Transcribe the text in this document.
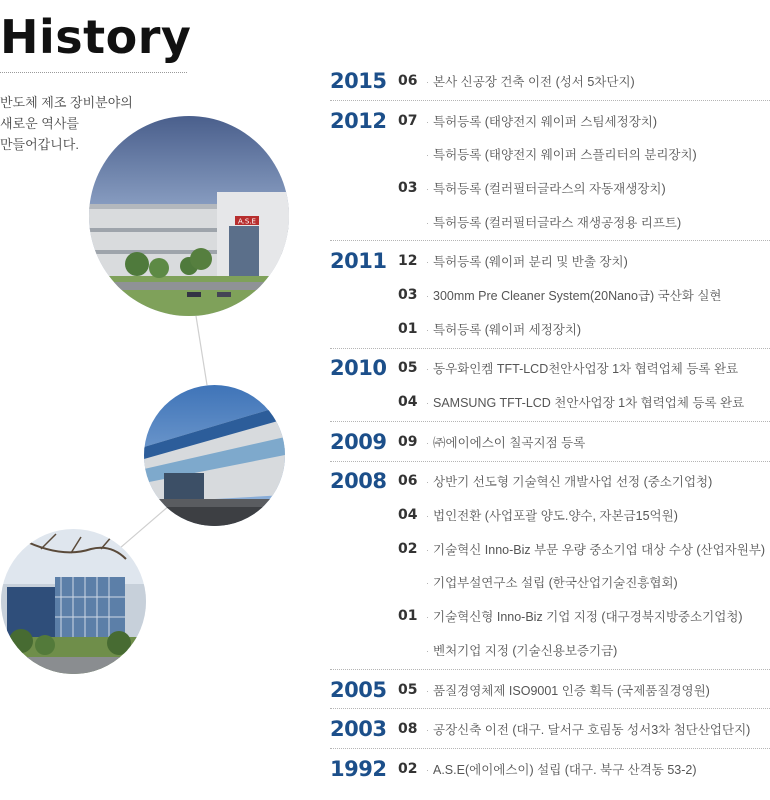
History
반도체 제조 장비분야의
새로운 역사를
만들어갑니다.
A.S.E
2015 06 · 본사 신공장 건축 이전 (성서 5차단지)
2012 07 · 특허등록 (태양전지 웨이퍼 스팀세정장치)
· 특허등록 (태양전지 웨이퍼 스플리터의 분리장치)
03 · 특허등록 (컬러필터글라스의 자동재생장치)
· 특허등록 (컬러필터글라스 재생공정용 리프트)
2011 12 · 특허등록 (웨이퍼 분리 및 반출 장치)
03 · 300mm Pre Cleaner System(20Nano급) 국산화 실현
01 · 특허등록 (웨이퍼 세정장치)
2010 05 · 동우화인켐 TFT-LCD천안사업장 1차 협력업체 등록 완료
04 · SAMSUNG TFT-LCD 천안사업장 1차 협력업체 등록 완료
2009 09 · ㈜에이에스이 칠곡지점 등록
2008 06 · 상반기 선도형 기술혁신 개발사업 선정 (중소기업청)
04 · 법인전환 (사업포괄 양도.양수, 자본금15억원)
02 · 기술혁신 Inno-Biz 부문 우량 중소기업 대상 수상 (산업자원부)
· 기업부설연구소 설립 (한국산업기술진흥협회)
01 · 기술혁신형 Inno-Biz 기업 지정 (대구경북지방중소기업청)
· 벤처기업 지정 (기술신용보증기금)
2005 05 · 품질경영체제 ISO9001 인증 획득 (국제품질경영원)
2003 08 · 공장신축 이전 (대구. 달서구 호림동 성서3차 첨단산업단지)
1992 02 · A.S.E(에이에스이) 설립 (대구. 북구 산격동 53-2)
